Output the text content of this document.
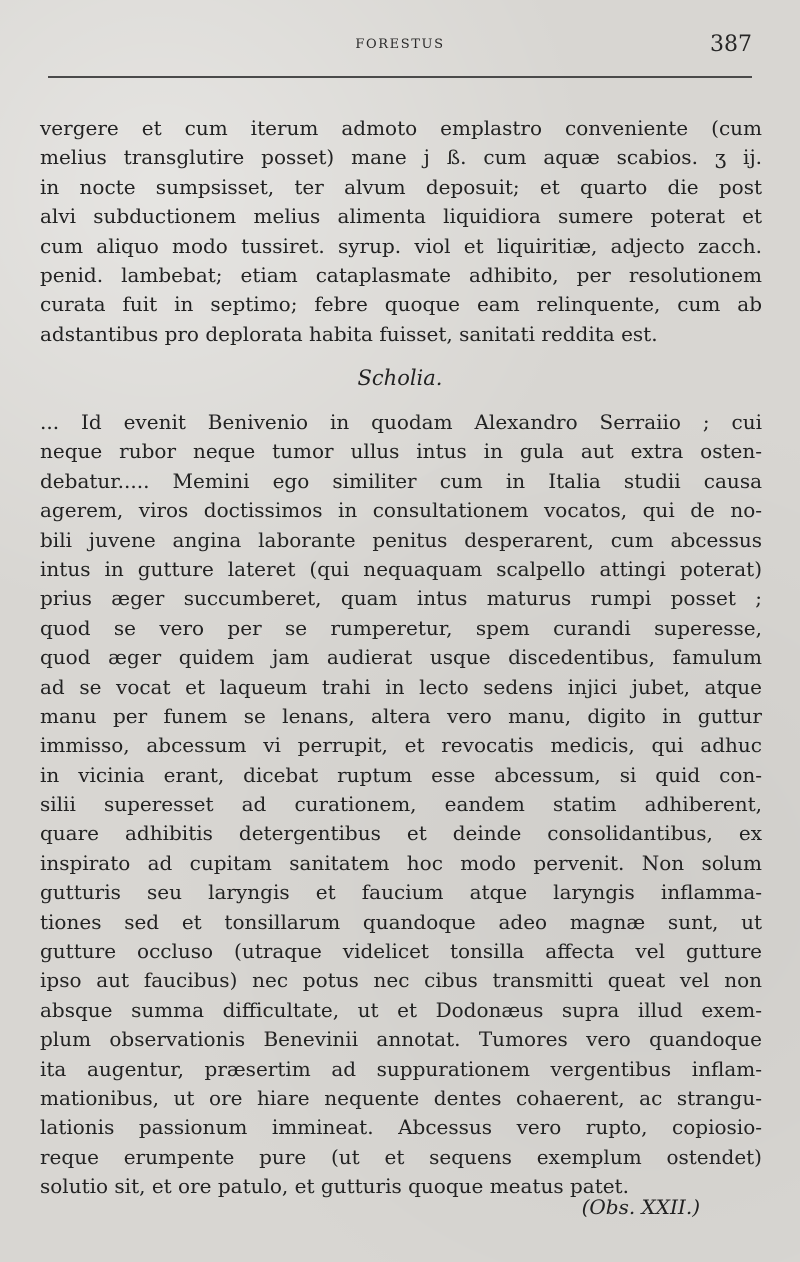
FORESTUS	387
vergere et cum iterum admoto emplastro conveniente (cum
melius transglutire posset) mane j ß. cum aquæ scabios. ʒ ij.
in nocte sumpsisset, ter alvum deposuit; et quarto die post
alvi subductionem melius alimenta liquidiora sumere poterat et
cum aliquo modo tussiret. syrup. viol et liquiritiæ, adjecto zacch.
penid. lambebat; etiam cataplasmate adhibito, per resolutionem
curata fuit in septimo; febre quoque eam relinquente, cum ab
adstantibus pro deplorata habita fuisset, sanitati reddita est.
Scholia.
... Id evenit Benivenio in quodam Alexandro Serraiio ; cui
neque rubor neque tumor ullus intus in gula aut extra osten-
debatur..... Memini ego similiter cum in Italia studii causa
agerem, viros doctissimos in consultationem vocatos, qui de no-
bili juvene angina laborante penitus desperarent, cum abcessus
intus in gutture lateret (qui nequaquam scalpello attingi poterat)
prius æger succumberet, quam intus maturus rumpi posset ;
quod se vero per se rumperetur, spem curandi superesse,
quod æger quidem jam audierat usque discedentibus, famulum
ad se vocat et laqueum trahi in lecto sedens injici jubet, atque
manu per funem se lenans, altera vero manu, digito in guttur
immisso, abcessum vi perrupit, et revocatis medicis, qui adhuc
in vicinia erant, dicebat ruptum esse abcessum, si quid con-
silii superesset ad curationem, eandem statim adhiberent,
quare adhibitis detergentibus et deinde consolidantibus, ex
inspirato ad cupitam sanitatem hoc modo pervenit. Non solum
gutturis seu laryngis et faucium atque laryngis inflamma-
tiones sed et tonsillarum quandoque adeo magnæ sunt, ut
gutture occluso (utraque videlicet tonsilla affecta vel gutture
ipso aut faucibus) nec potus nec cibus transmitti queat vel non
absque summa difficultate, ut et Dodonæus supra illud exem-
plum observationis Benevinii annotat. Tumores vero quandoque
ita augentur, præsertim ad suppurationem vergentibus inflam-
mationibus, ut ore hiare nequente dentes cohaerent, ac strangu-
lationis passionum immineat. Abcessus vero rupto, copiosio-
reque erumpente pure (ut et sequens exemplum ostendet)
solutio sit, et ore patulo, et gutturis quoque meatus patet.
(Obs. XXII.)
